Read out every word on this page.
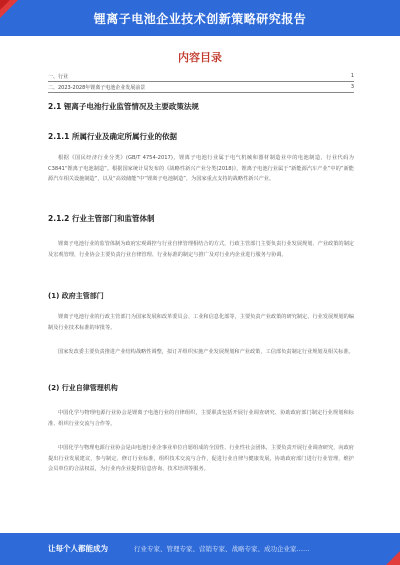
锂离子电池企业技术创新策略研究报告
内容目录
一、行业	1
二、2023-2028年锂离子电池企业发展前景	3
2.1 锂离子电池行业监管情况及主要政策法规
2.1.1 所属行业及确定所属行业的依据
根据《国民经济行业分类》(GB/T 4754-2017)，锂离子电池行业属于电气机械和器材制造业中的电池制造，行业代码为C3841“锂离子电池制造”。根据国家统计局发布的《战略性新兴产业分类(2018)》，锂离子电池行业属于“新能源汽车产业”中的“新能源汽车相关设施制造”，以及“高效储能”中“锂离子电池制造”，为国家重点支持的战略性新兴产业。
2.1.2 行业主管部门和监管体制
锂离子电池行业的监管体制为政府宏观调控与行业自律管理相结合的方式，行政主管部门主要负责行业发展规划、产业政策的制定及宏观管理，行业协会主要负责行业自律管理、行业标准的制定与推广及对行业内企业进行服务与协调。
(1) 政府主管部门
锂离子电池行业的行政主管部门为国家发展和改革委员会、工业和信息化部等，主要负责产业政策的研究制定、行业发展规划的编制及行业技术标准的审批等。
国家发改委主要负责推进产业结构战略性调整，拟订并组织实施产业发展规划和产业政策，工信部负责制定行业规划及相关标准。
(2) 行业自律管理机构
中国化学与物理电源行业协会是锂离子电池行业的自律组织，主要职责包括开展行业调查研究、协助政府部门制定行业规划和标准、组织行业交流与合作等。
中国化学与物理电源行业协会是由电池行业企事业单位自愿组成的全国性、行业性社会团体，主要负责开展行业调查研究，向政府提出行业发展建议，参与制定、修订行业标准，组织技术交流与合作，促进行业自律与健康发展，协助政府部门进行行业管理，维护会员单位的合法权益，为行业内企业提供信息咨询、技术培训等服务。
让每个人都能成为	行业专家、管理专家、营销专家、战略专家、成功企业家……
